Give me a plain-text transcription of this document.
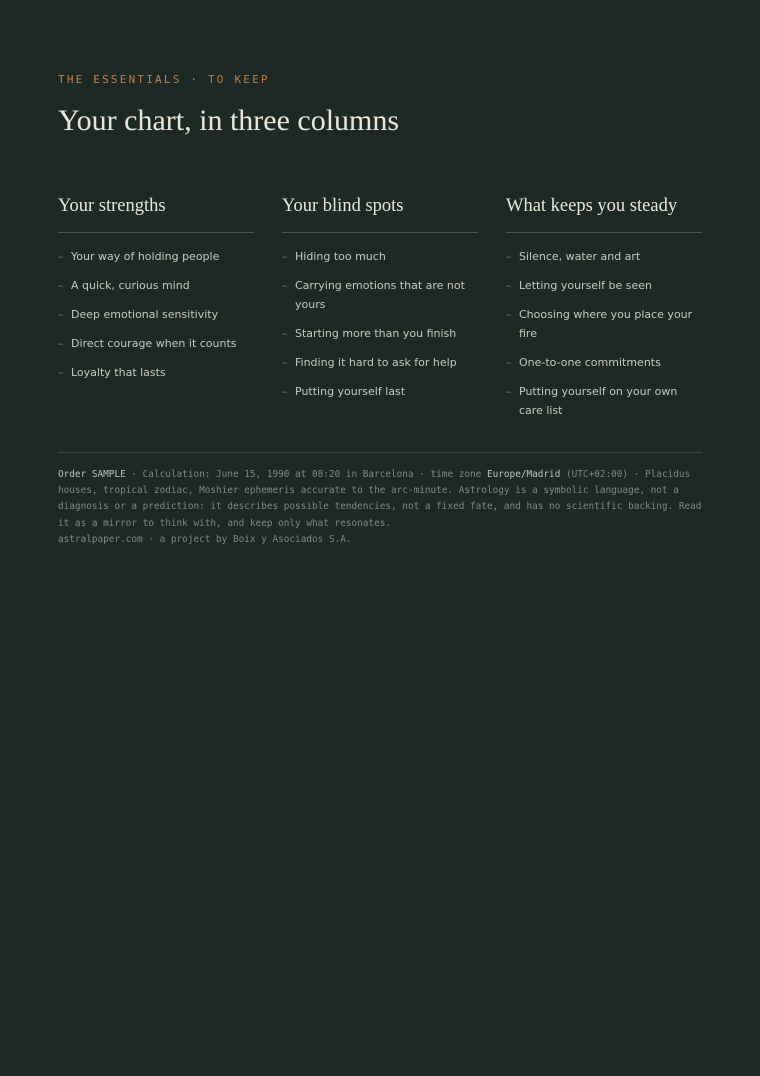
THE ESSENTIALS · TO KEEP
Your chart, in three columns
Your strengths
– Your way of holding people
– A quick, curious mind
– Deep emotional sensitivity
– Direct courage when it counts
– Loyalty that lasts
Your blind spots
– Hiding too much
– Carrying emotions that are not yours
– Starting more than you finish
– Finding it hard to ask for help
– Putting yourself last
What keeps you steady
– Silence, water and art
– Letting yourself be seen
– Choosing where you place your fire
– One-to-one commitments
– Putting yourself on your own care list

Order SAMPLE · Calculation: June 15, 1990 at 08:20 in Barcelona · time zone Europe/Madrid (UTC+02:00) · Placidus houses, tropical zodiac, Moshier ephemeris accurate to the arc-minute. Astrology is a symbolic language, not a diagnosis or a prediction: it describes possible tendencies, not a fixed fate, and has no scientific backing. Read it as a mirror to think with, and keep only what resonates.

astralpaper.com · a project by Boix y Asociados S.A.
